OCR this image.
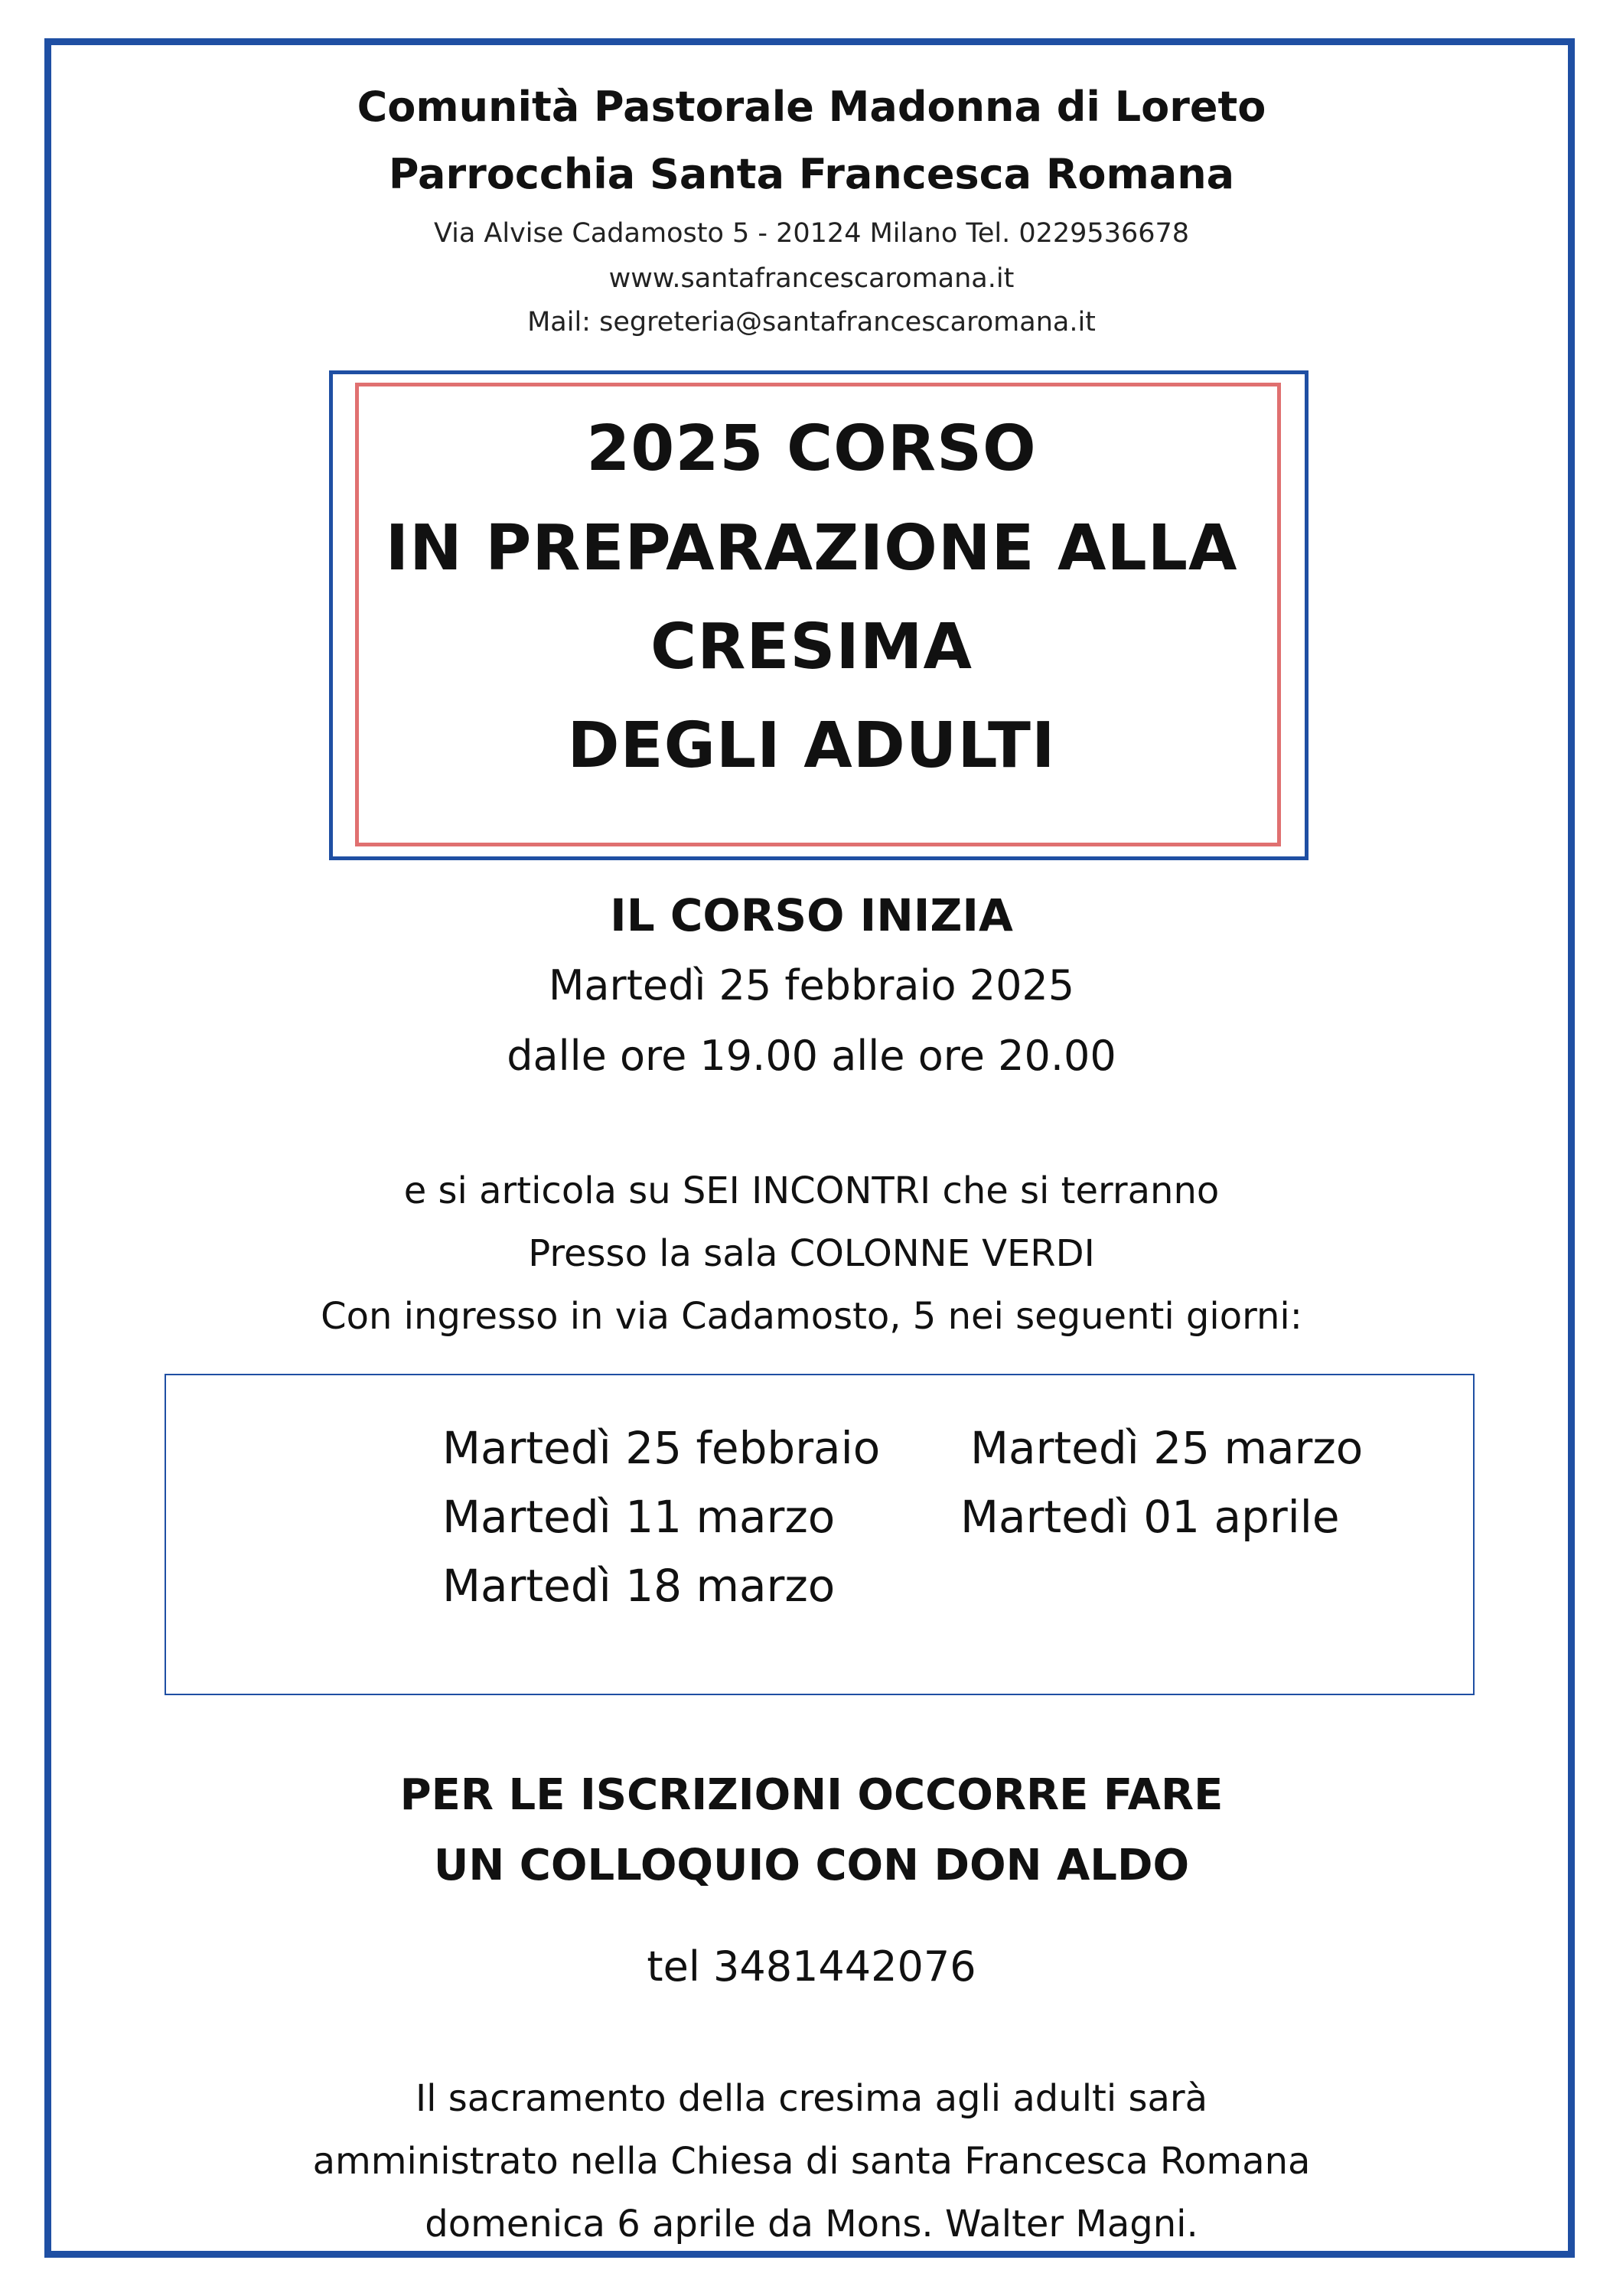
Comunità Pastorale Madonna di Loreto
Parrocchia Santa Francesca Romana
Via Alvise Cadamosto 5 - 20124 Milano Tel. 0229536678
www.santafrancescaromana.it
Mail: segreteria@santafrancescaromana.it
2025 CORSO
IN PREPARAZIONE ALLA
CRESIMA
DEGLI ADULTI
IL CORSO INIZIA
Martedì 25 febbraio 2025
dalle ore 19.00 alle ore 20.00
e si articola su SEI INCONTRI che si terranno
Presso la sala COLONNE VERDI
Con ingresso in via Cadamosto, 5 nei seguenti giorni:
Martedì 25 febbraio
Martedì 11 marzo
Martedì 18 marzo
Martedì 25 marzo
Martedì 01 aprile
PER LE ISCRIZIONI OCCORRE FARE
UN COLLOQUIO CON DON ALDO
tel 3481442076
Il sacramento della cresima agli adulti sarà
amministrato nella Chiesa di santa Francesca Romana
domenica 6 aprile da Mons. Walter Magni.
